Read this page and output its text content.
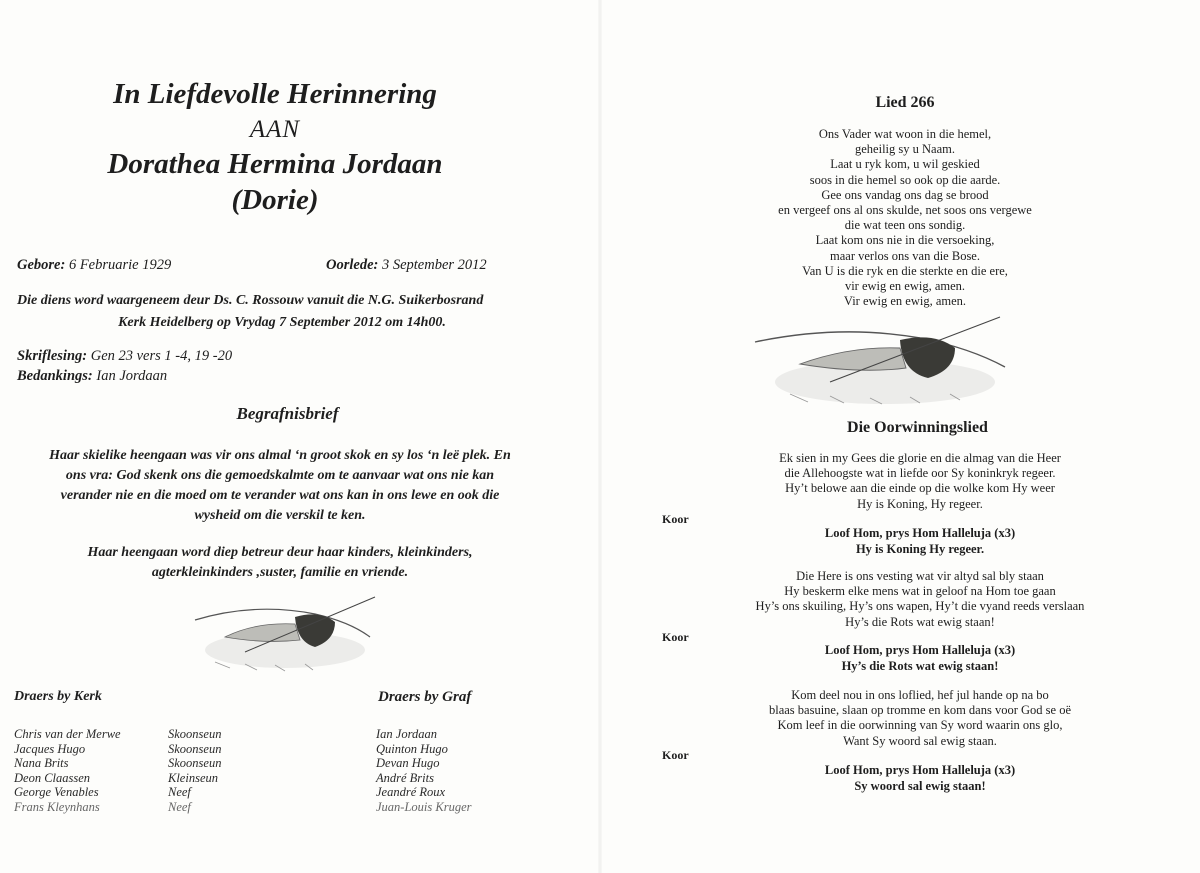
In Liefdevolle Herinnering
AAN
Dorathea Hermina Jordaan
(Dorie)
Gebore: 6 Februarie 1929	Oorlede: 3 September 2012
Die diens word waargeneem deur Ds. C. Rossouw vanuit die N.G. Suikerbosrand
Kerk Heidelberg op Vrydag 7 September 2012 om 14h00.
Skriflesing: Gen 23 vers 1 -4, 19 -20
Bedankings: Ian Jordaan
Begrafnisbrief
Haar skielike heengaan was vir ons almal ‘n groot skok en sy los ‘n leë plek. En
ons vra: God skenk ons die gemoedskalmte om te aanvaar wat ons nie kan
verander nie en die moed om te verander wat ons kan in ons lewe en ook die
wysheid om die verskil te ken.
Haar heengaan word diep betreur deur haar kinders, kleinkinders,
agterkleinkinders ,suster, familie en vriende.
Draers by Kerk	Draers by Graf
Chris van der Merwe
Jacques Hugo
Nana Brits
Deon Claassen
George Venables
Frans Kleynhans
Skoonseun
Skoonseun
Skoonseun
Kleinseun
Neef
Neef
Ian Jordaan
Quinton Hugo
Devan Hugo
André Brits
Jeandré Roux
Juan-Louis Kruger
Lied 266
Ons Vader wat woon in die hemel,
geheilig sy u Naam.
Laat u ryk kom, u wil geskied
soos in die hemel so ook op die aarde.
Gee ons vandag ons dag se brood
en vergeef ons al ons skulde, net soos ons vergewe
die wat teen ons sondig.
Laat kom ons nie in die versoeking,
maar verlos ons van die Bose.
Van U is die ryk en die sterkte en die ere,
vir ewig en ewig, amen.
Vir ewig en ewig, amen.
Die Oorwinningslied
Ek sien in my Gees die glorie en die almag van die Heer
die Allehoogste wat in liefde oor Sy koninkryk regeer.
Hy’t belowe aan die einde op die wolke kom Hy weer
Hy is Koning, Hy regeer.
Koor
Loof Hom, prys Hom Halleluja (x3)
Hy is Koning Hy regeer.
Die Here is ons vesting wat vir altyd sal bly staan
Hy beskerm elke mens wat in geloof na Hom toe gaan
Hy’s ons skuiling, Hy’s ons wapen, Hy’t die vyand reeds verslaan
Hy’s die Rots wat ewig staan!
Koor
Loof Hom, prys Hom Halleluja (x3)
Hy’s die Rots wat ewig staan!
Kom deel nou in ons loflied, hef jul hande op na bo
blaas basuine, slaan op tromme en kom dans voor God se oë
Kom leef in die oorwinning van Sy word waarin ons glo,
Want Sy woord sal ewig staan.
Koor
Loof Hom, prys Hom Halleluja (x3)
Sy woord sal ewig staan!
